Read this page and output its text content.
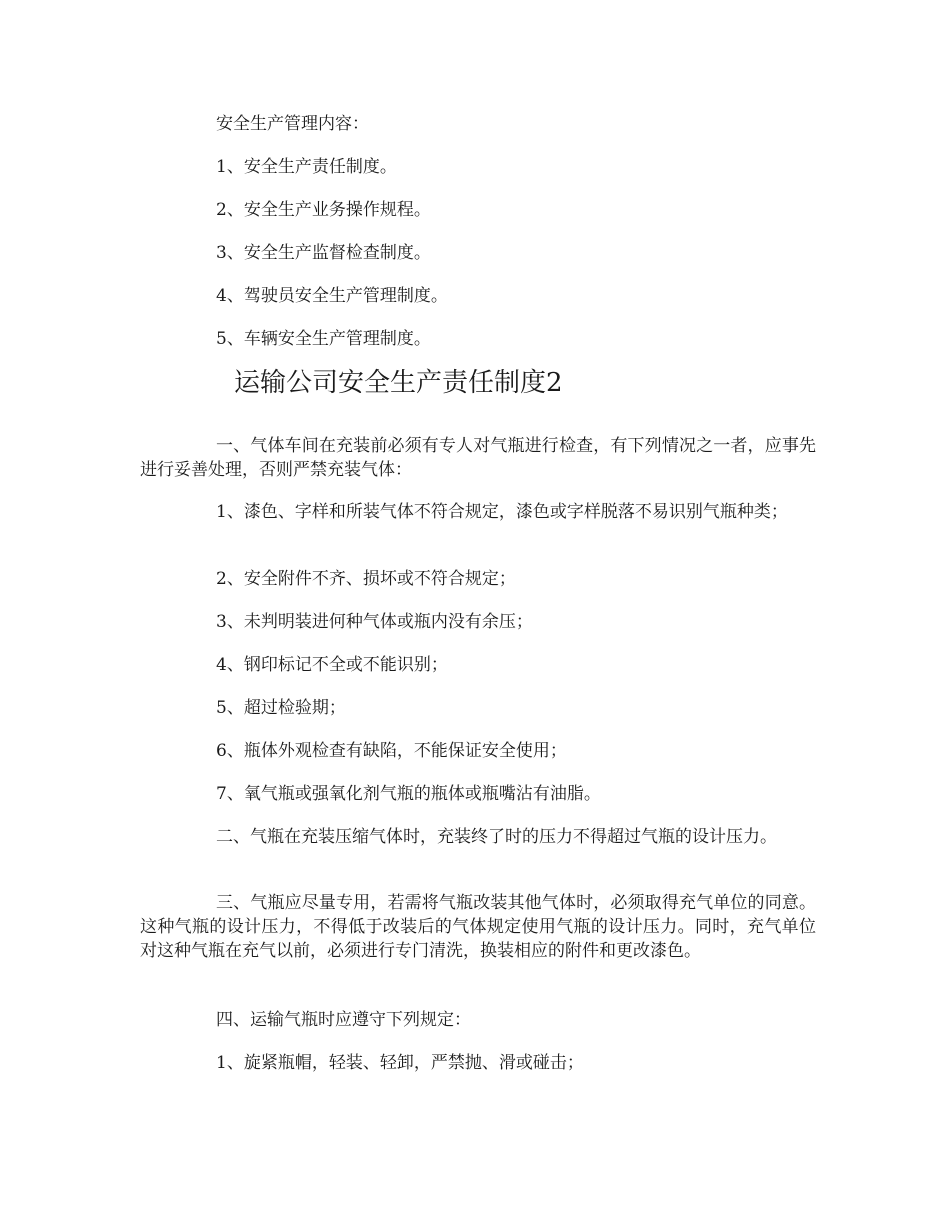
安全生产管理内容：
1、安全生产责任制度。
2、安全生产业务操作规程。
3、安全生产监督检查制度。
4、驾驶员安全生产管理制度。
5、车辆安全生产管理制度。
运输公司安全生产责任制度2
一、气体车间在充装前必须有专人对气瓶进行检查，有下列情况之一者，应事先进行妥善处理，否则严禁充装气体：
1、漆色、字样和所装气体不符合规定，漆色或字样脱落不易识别气瓶种类；
2、安全附件不齐、损坏或不符合规定；
3、未判明装进何种气体或瓶内没有余压；
4、钢印标记不全或不能识别；
5、超过检验期；
6、瓶体外观检查有缺陷，不能保证安全使用；
7、氧气瓶或强氧化剂气瓶的瓶体或瓶嘴沾有油脂。
二、气瓶在充装压缩气体时，充装终了时的压力不得超过气瓶的设计压力。
三、气瓶应尽量专用，若需将气瓶改装其他气体时，必须取得充气单位的同意。这种气瓶的设计压力，不得低于改装后的气体规定使用气瓶的设计压力。同时，充气单位对这种气瓶在充气以前，必须进行专门清洗，换装相应的附件和更改漆色。
四、运输气瓶时应遵守下列规定：
1、旋紧瓶帽，轻装、轻卸，严禁抛、滑或碰击；
